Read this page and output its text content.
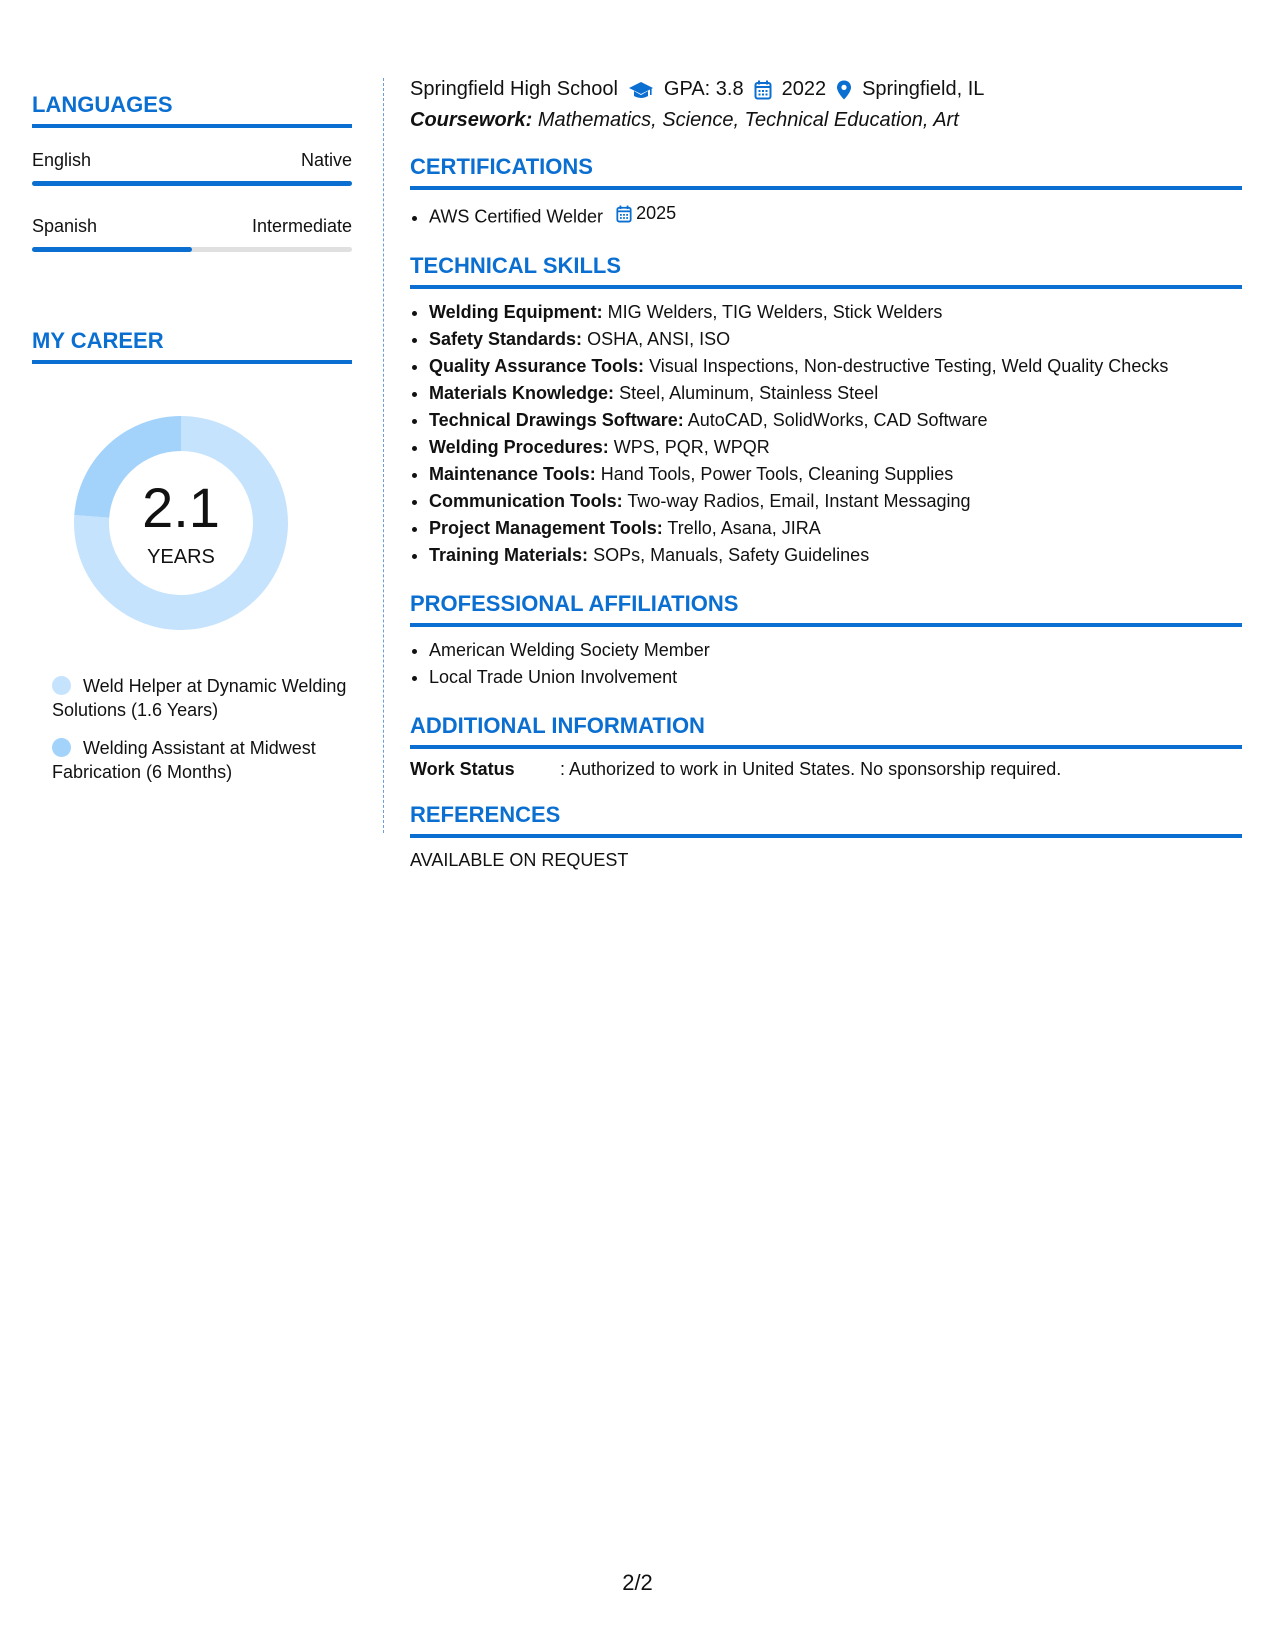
LANGUAGES
English	Native
Spanish	Intermediate
MY CAREER
2.1
YEARS
Weld Helper at Dynamic Welding Solutions (1.6 Years)
Welding Assistant at Midwest Fabrication (6 Months)
Springfield High School GPA: 3.8 2022 Springfield, IL
Coursework: Mathematics, Science, Technical Education, Art
CERTIFICATIONS
• AWS Certified Welder 2025
TECHNICAL SKILLS
• Welding Equipment: MIG Welders, TIG Welders, Stick Welders
• Safety Standards: OSHA, ANSI, ISO
• Quality Assurance Tools: Visual Inspections, Non-destructive Testing, Weld Quality Checks
• Materials Knowledge: Steel, Aluminum, Stainless Steel
• Technical Drawings Software: AutoCAD, SolidWorks, CAD Software
• Welding Procedures: WPS, PQR, WPQR
• Maintenance Tools: Hand Tools, Power Tools, Cleaning Supplies
• Communication Tools: Two-way Radios, Email, Instant Messaging
• Project Management Tools: Trello, Asana, JIRA
• Training Materials: SOPs, Manuals, Safety Guidelines
PROFESSIONAL AFFILIATIONS
• American Welding Society Member
• Local Trade Union Involvement
ADDITIONAL INFORMATION
Work Status	: Authorized to work in United States. No sponsorship required.
REFERENCES
AVAILABLE ON REQUEST
2/2
